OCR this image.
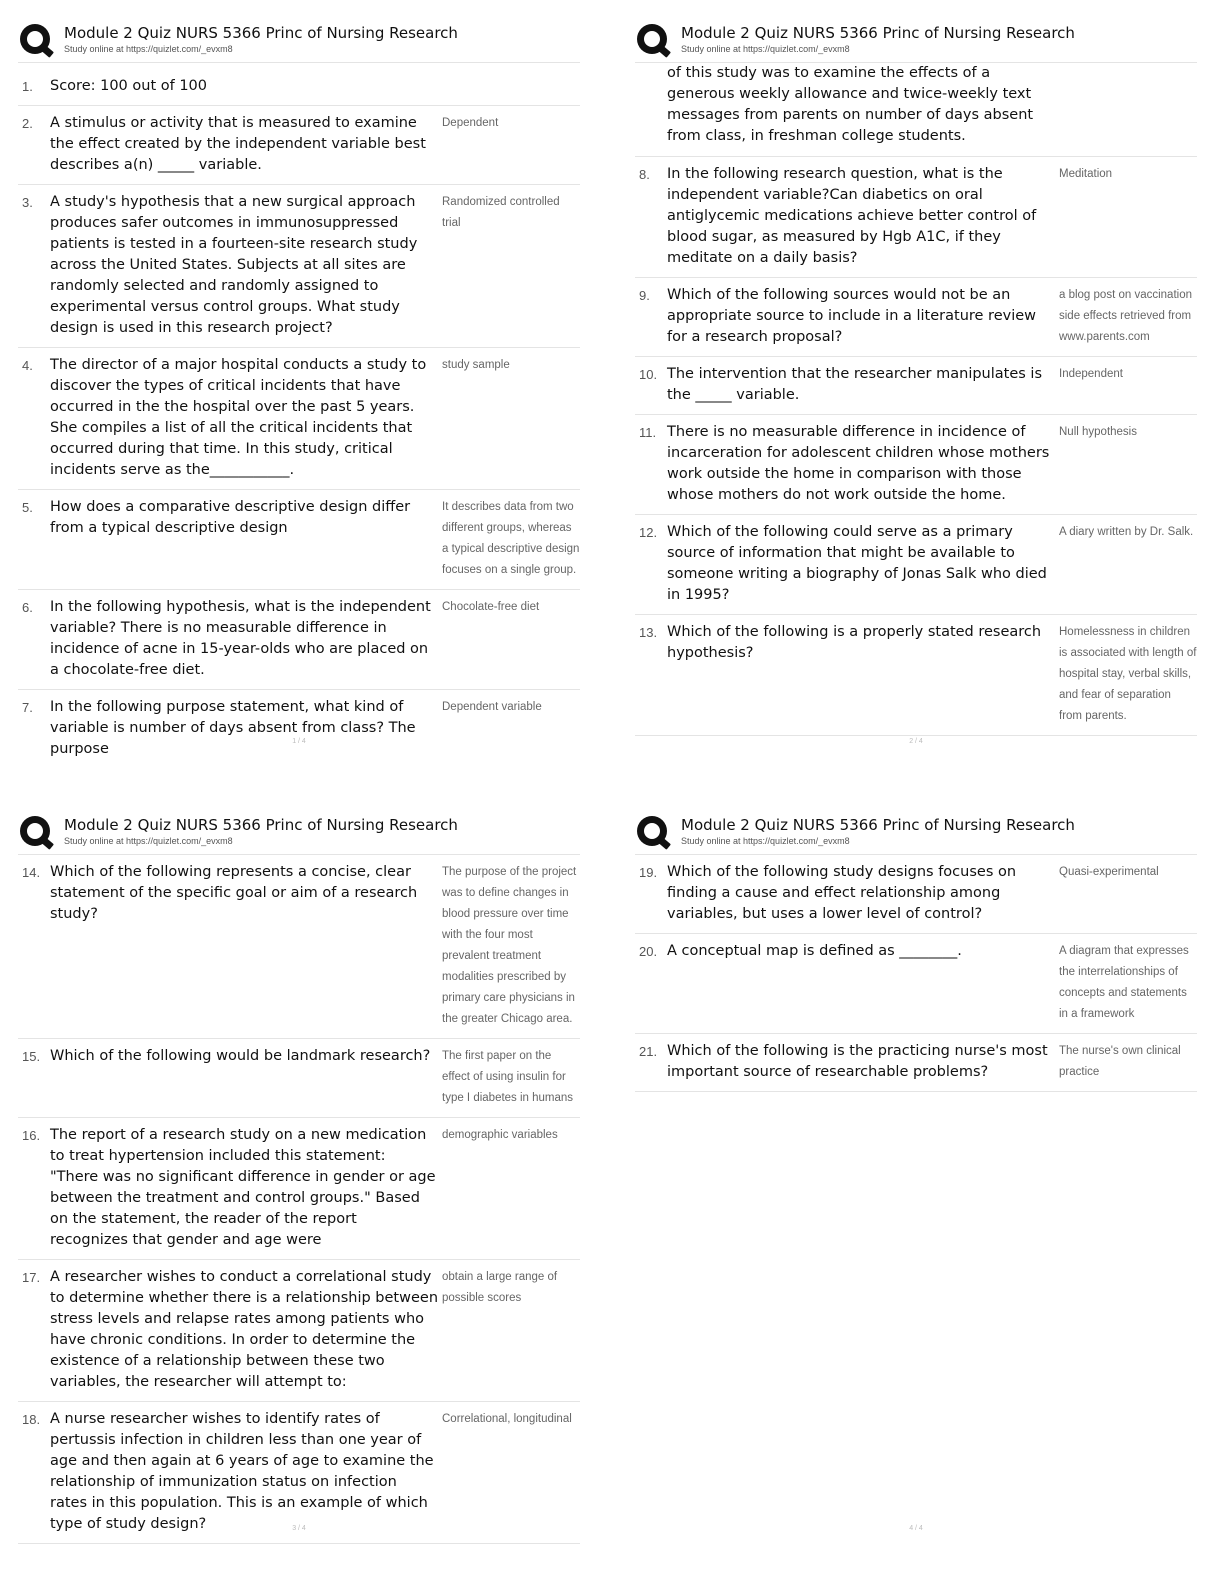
Module 2 Quiz NURS 5366 Princ of Nursing Research
Study online at https://quizlet.com/_evxm8
1.	Score: 100 out of 100
2.	A stimulus or activity that is measured to examine the effect created by the independent variable best describes a(n) _____ variable.
Dependent
3.	A study's hypothesis that a new surgical approach produces safer outcomes in immunosuppressed patients is tested in a fourteen-site research study across the United States. Subjects at all sites are randomly selected and randomly assigned to experimental versus control groups. What study design is used in this research project?
Randomized controlled trial
4.	The director of a major hospital conducts a study to discover the types of critical incidents that have occurred in the the hospital over the past 5 years. She compiles a list of all the critical incidents that occurred during that time. In this study, critical incidents serve as the___________.
study sample
5.	How does a comparative descriptive design differ from a typical descriptive design
It describes data from two different groups, whereas a typical descriptive design focuses on a single group.
6.	In the following hypothesis, what is the independent variable? There is no measurable difference in incidence of acne in 15-year-olds who are placed on a chocolate-free diet.
Chocolate-free diet
7.	In the following purpose statement, what kind of variable is number of days absent from class? The purpose
Dependent variable
1 / 4
Module 2 Quiz NURS 5366 Princ of Nursing Research
Study online at https://quizlet.com/_evxm8
of this study was to examine the effects of a generous weekly allowance and twice-weekly text messages from parents on number of days absent from class, in freshman college students.
8.	In the following research question, what is the independent variable?Can diabetics on oral antiglycemic medications achieve better control of blood sugar, as measured by Hgb A1C, if they meditate on a daily basis?
Meditation
9.	Which of the following sources would not be an appropriate source to include in a literature review for a research proposal?
a blog post on vaccination side effects retrieved from www.parents.com
10. The intervention that the researcher manipulates is the _____ variable.
Independent
11. There is no measurable difference in incidence of incarceration for adolescent children whose mothers work outside the home in comparison with those whose mothers do not work outside the home.
Null hypothesis
12. Which of the following could serve as a primary source of information that might be available to someone writing a biography of Jonas Salk who died in 1995?
A diary written by Dr. Salk.
13. Which of the following is a properly stated research hypothesis?
Homelessness in children is associated with length of hospital stay, verbal skills, and fear of separation from parents.
2 / 4
Module 2 Quiz NURS 5366 Princ of Nursing Research
Study online at https://quizlet.com/_evxm8
14. Which of the following represents a concise, clear statement of the specific goal or aim of a research study?
The purpose of the project was to define changes in blood pressure over time with the four most prevalent treatment modalities prescribed by primary care physicians in the greater Chicago area.
15. Which of the following would be landmark research?	The first paper on the effect of using insulin for type I diabetes in humans
16. The report of a research study on a new medication to treat hypertension included this statement: "There was no significant difference in gender or age between the treatment and control groups." Based on the statement, the reader of the report recognizes that gender and age were
demographic variables
17. A researcher wishes to conduct a correlational study to determine whether there is a relationship between stress levels and relapse rates among patients who have chronic conditions. In order to determine the existence of a relationship between these two variables, the researcher will attempt to:
obtain a large range of possible scores
18. A nurse researcher wishes to identify rates of pertussis infection in children less than one year of age and then again at 6 years of age to examine the relationship of immunization status on infection rates in this population. This is an example of which type of study design?
Correlational, longitudinal
3 / 4
Module 2 Quiz NURS 5366 Princ of Nursing Research
Study online at https://quizlet.com/_evxm8
19. Which of the following study designs focuses on finding a cause and effect relationship among variables, but uses a lower level of control?
Quasi-experimental
20. A conceptual map is defined as ________.	A diagram that expresses the interrelationships of concepts and statements in a framework
21. Which of the following is the practicing nurse's most important source of researchable problems?
The nurse's own clinical practice
4 / 4
